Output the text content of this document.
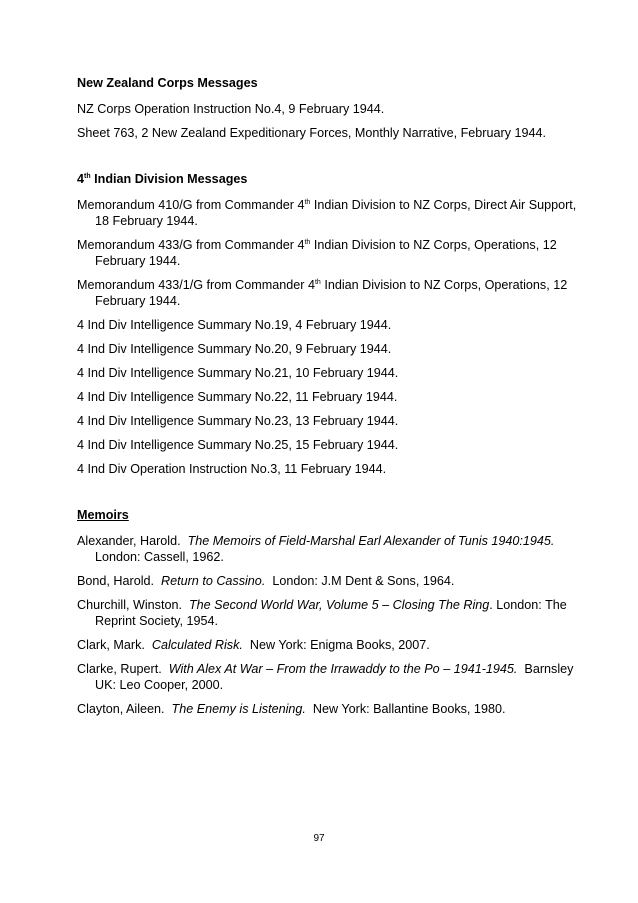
New Zealand Corps Messages
NZ Corps Operation Instruction No.4, 9 February 1944.
Sheet 763, 2 New Zealand Expeditionary Forces, Monthly Narrative, February 1944.
4th Indian Division Messages
Memorandum 410/G from Commander 4th Indian Division to NZ Corps, Direct Air Support, 18 February 1944.
Memorandum 433/G from Commander 4th Indian Division to NZ Corps, Operations, 12 February 1944.
Memorandum 433/1/G from Commander 4th Indian Division to NZ Corps, Operations, 12 February 1944.
4 Ind Div Intelligence Summary No.19, 4 February 1944.
4 Ind Div Intelligence Summary No.20, 9 February 1944.
4 Ind Div Intelligence Summary No.21, 10 February 1944.
4 Ind Div Intelligence Summary No.22, 11 February 1944.
4 Ind Div Intelligence Summary No.23, 13 February 1944.
4 Ind Div Intelligence Summary No.25, 15 February 1944.
4 Ind Div Operation Instruction No.3, 11 February 1944.
Memoirs
Alexander, Harold. The Memoirs of Field-Marshal Earl Alexander of Tunis 1940:1945.  London: Cassell, 1962.
Bond, Harold. Return to Cassino. London: J.M Dent & Sons, 1964.
Churchill, Winston. The Second World War, Volume 5 – Closing The Ring. London: The Reprint Society, 1954.
Clark, Mark. Calculated Risk. New York: Enigma Books, 2007.
Clarke, Rupert. With Alex At War – From the Irrawaddy to the Po – 1941-1945. Barnsley UK: Leo Cooper, 2000.
Clayton, Aileen. The Enemy is Listening. New York: Ballantine Books, 1980.
97
